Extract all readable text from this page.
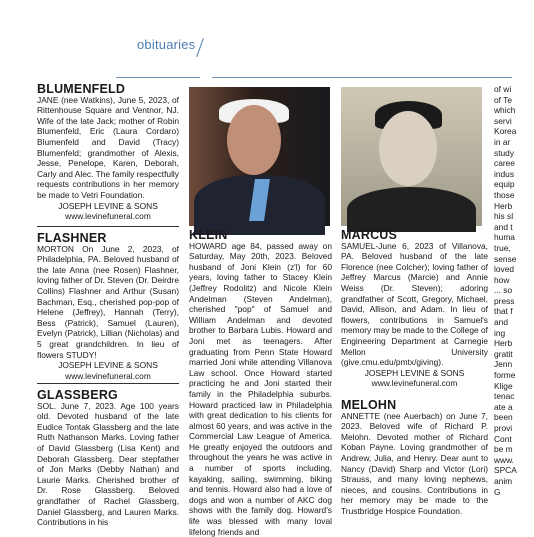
obituaries
BLUMENFELD

JANE (nee Watkins), June 5, 2023, of Rittenhouse Square and Ventnor, NJ. Wife of the late Jack; mother of Robin Blumenfeld, Eric (Laura Cordaro) Blumenfeld and David (Tracy) Blumenfeld; grandmother of Alexis, Jesse, Penelope, Karen, Deborah, Carly and Alec. The family respectfully requests contributions in her memory be made to Vetri Foundation.

JOSEPH LEVINE & SONS
www.levinefuneral.com
FLASHNER

MORTON On June 2, 2023, of Philadelphia, PA. Beloved husband of the late Anna (nee Rosen) Flashner, loving father of Dr. Steven (Dr. Deirdre Collins) Flashner and Arthur (Susan) Bachman, Esq., cherished pop-pop of Helene (Jeffrey), Hannah (Terry), Bess (Patrick), Samuel (Lauren), Evelyn (Patrick), Lillian (Nicholas) and 5 great grandchildren. In lieu of flowers STUDY!

JOSEPH LEVINE & SONS
www.levinefuneral.com
GLASSBERG

SOL. June 7, 2023. Age 100 years old. Devoted husband of the late Eudice Tontak Glassberg and the late Ruth Nathanson Marks. Loving father of David Glassberg (Lisa Kent) and Deborah Glassberg. Dear stepfather of Jon Marks (Debby Nathan) and Laurie Marks. Cherished brother of Dr. Rose Glassberg. Beloved grandfather of Rachel Glassberg, Daniel Glassberg, and Lauren Marks. Contributions in his

KLEIN

HOWARD age 84, passed away on Saturday, May 20th, 2023. Beloved husband of Joni Klein (z'l) for 60 years, loving father to Stacey Klein (Jeffrey Rodolitz) and Nicole Klein Andelman (Steven Andelman), cherished "pop" of Samuel and William Andelman and devoted brother to Barbara Lubis. Howard and Joni met as teenagers. After graduating from Penn State Howard married Joni while attending Villanova Law school. Once Howard started practicing he and Joni started their family in the Philadelphia suburbs. Howard practiced law in Philadelphia with great dedication to his clients for almost 60 years, and was active in the Commercial Law League of America. He greatly enjoyed the outdoors and throughout the years he was active in a number of sports including, kayaking, sailing, swimming, biking and tennis. Howard also had a love of dogs and won a number of AKC dog shows with the family dog. Howard's life was blessed with many loval lifelong friends and

MARCUS

SAMUEL-June 6, 2023 of Villanova, PA. Beloved husband of the late Florence (nee Colcher); loving father of Jeffrey Marcus (Marcie) and Annie Weiss (Dr. Steven); adoring grandfather of Scott, Gregory, Michael, David, Allison, and Adam. In lieu of flowers, contributions in Samuel's memory may be made to the College of Engineering Department at Carnegie Mellon University (give.cmu.edu/pmtx/giving).

JOSEPH LEVINE & SONS
www.levinefuneral.com
MELOHN

ANNETTE (nee Auerbach) on June 7, 2023. Beloved wife of Richard P. Melohn. Devoted mother of Richard Koban Payne. Loving grandmother of Andrew, Julia, and Henry. Dear aunt to Nancy (David) Sharp and Victor (Lori) Strauss, and many loving nephews, nieces, and cousins. Contributions in her memory may be made to the Trustbridge Hospice Foundation.

of wi
of Te
which
servi
Korea
in ar
study
caree
indus
equip
those
Herb
his sl
and t
huma
true,
sense
loved
how
... so
press
that f
and
ing
Herb
gratit
Jenn
forme
Klige
tenac
ate a
been
provi
Cont
be m
www.
SPCA
anim
G
